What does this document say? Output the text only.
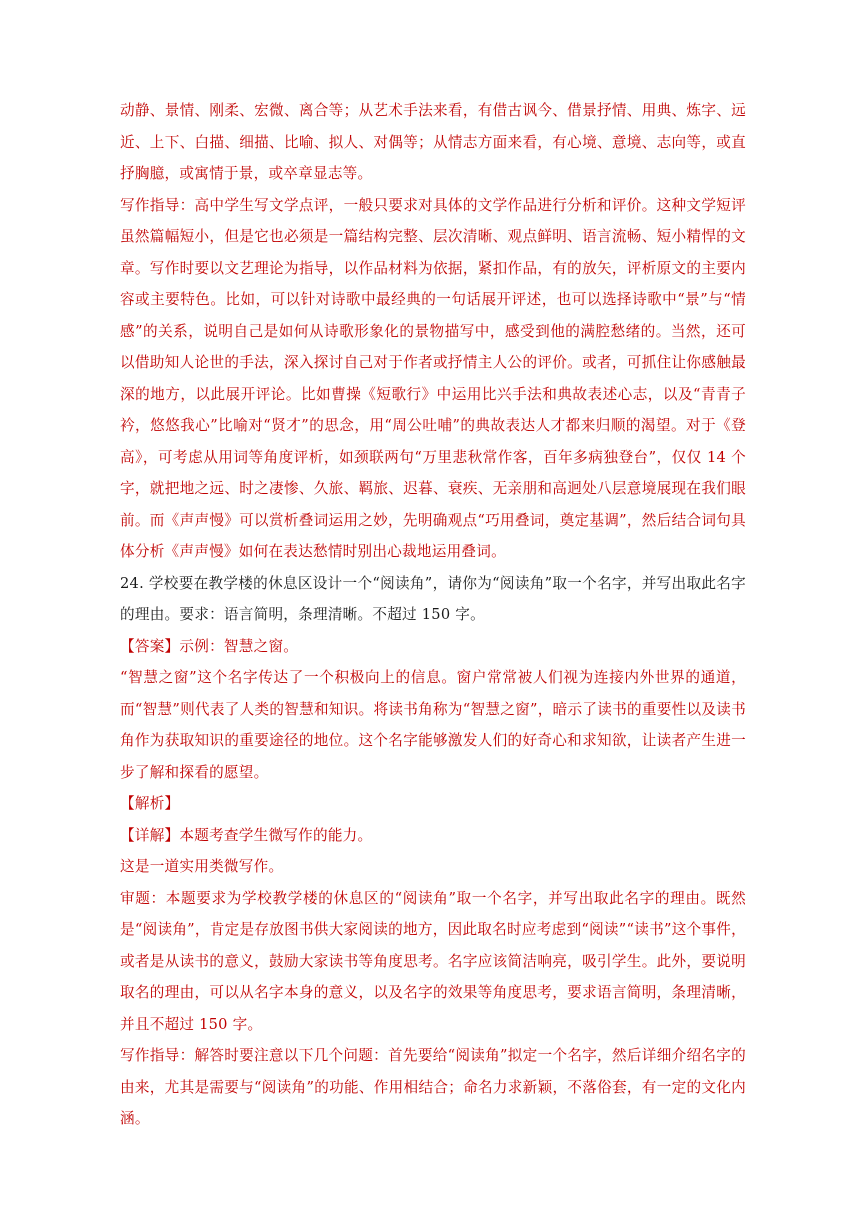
动静、景情、刚柔、宏微、离合等；从艺术手法来看，有借古讽今、借景抒情、用典、炼字、远近、上下、白描、细描、比喻、拟人、对偶等；从情志方面来看，有心境、意境、志向等，或直抒胸臆，或寓情于景，或卒章显志等。

写作指导：高中学生写文学点评，一般只要求对具体的文学作品进行分析和评价。这种文学短评虽然篇幅短小，但是它也必须是一篇结构完整、层次清晰、观点鲜明、语言流畅、短小精悍的文章。写作时要以文艺理论为指导，以作品材料为依据，紧扣作品，有的放矢，评析原文的主要内容或主要特色。比如，可以针对诗歌中最经典的一句话展开评述，也可以选择诗歌中“景”与“情感”的关系，说明自己是如何从诗歌形象化的景物描写中，感受到他的满腔愁绪的。当然，还可以借助知人论世的手法，深入探讨自己对于作者或抒情主人公的评价。或者，可抓住让你感触最深的地方，以此展开评论。比如曹操《短歌行》中运用比兴手法和典故表述心志，以及“青青子衿，悠悠我心”比喻对“贤才”的思念，用“周公吐哺”的典故表达人才都来归顺的渴望。对于《登高》，可考虑从用词等角度评析，如颈联两句“万里悲秋常作客，百年多病独登台”，仅仅 14 个字，就把地之远、时之凄惨、久旅、羁旅、迟暮、衰疾、无亲朋和高迥处八层意境展现在我们眼前。而《声声慢》可以赏析叠词运用之妙，先明确观点“巧用叠词，奠定基调”，然后结合词句具体分析《声声慢》如何在表达愁情时别出心裁地运用叠词。

24. 学校要在教学楼的休息区设计一个“阅读角”，请你为“阅读角”取一个名字，并写出取此名字的理由。要求：语言简明，条理清晰。不超过 150 字。

【答案】示例：智慧之窗。

“智慧之窗”这个名字传达了一个积极向上的信息。窗户常常被人们视为连接内外世界的通道，而“智慧”则代表了人类的智慧和知识。将读书角称为“智慧之窗”，暗示了读书的重要性以及读书角作为获取知识的重要途径的地位。这个名字能够激发人们的好奇心和求知欲，让读者产生进一步了解和探看的愿望。

【解析】

【详解】本题考查学生微写作的能力。

这是一道实用类微写作。

审题：本题要求为学校教学楼的休息区的“阅读角”取一个名字，并写出取此名字的理由。既然是“阅读角”，肯定是存放图书供大家阅读的地方，因此取名时应考虑到“阅读”“读书”这个事件，或者是从读书的意义，鼓励大家读书等角度思考。名字应该简洁响亮，吸引学生。此外，要说明取名的理由，可以从名字本身的意义，以及名字的效果等角度思考，要求语言简明，条理清晰，并且不超过 150 字。

写作指导：解答时要注意以下几个问题：首先要给“阅读角”拟定一个名字，然后详细介绍名字的由来，尤其是需要与“阅读角”的功能、作用相结合；命名力求新颖，不落俗套，有一定的文化内涵。
